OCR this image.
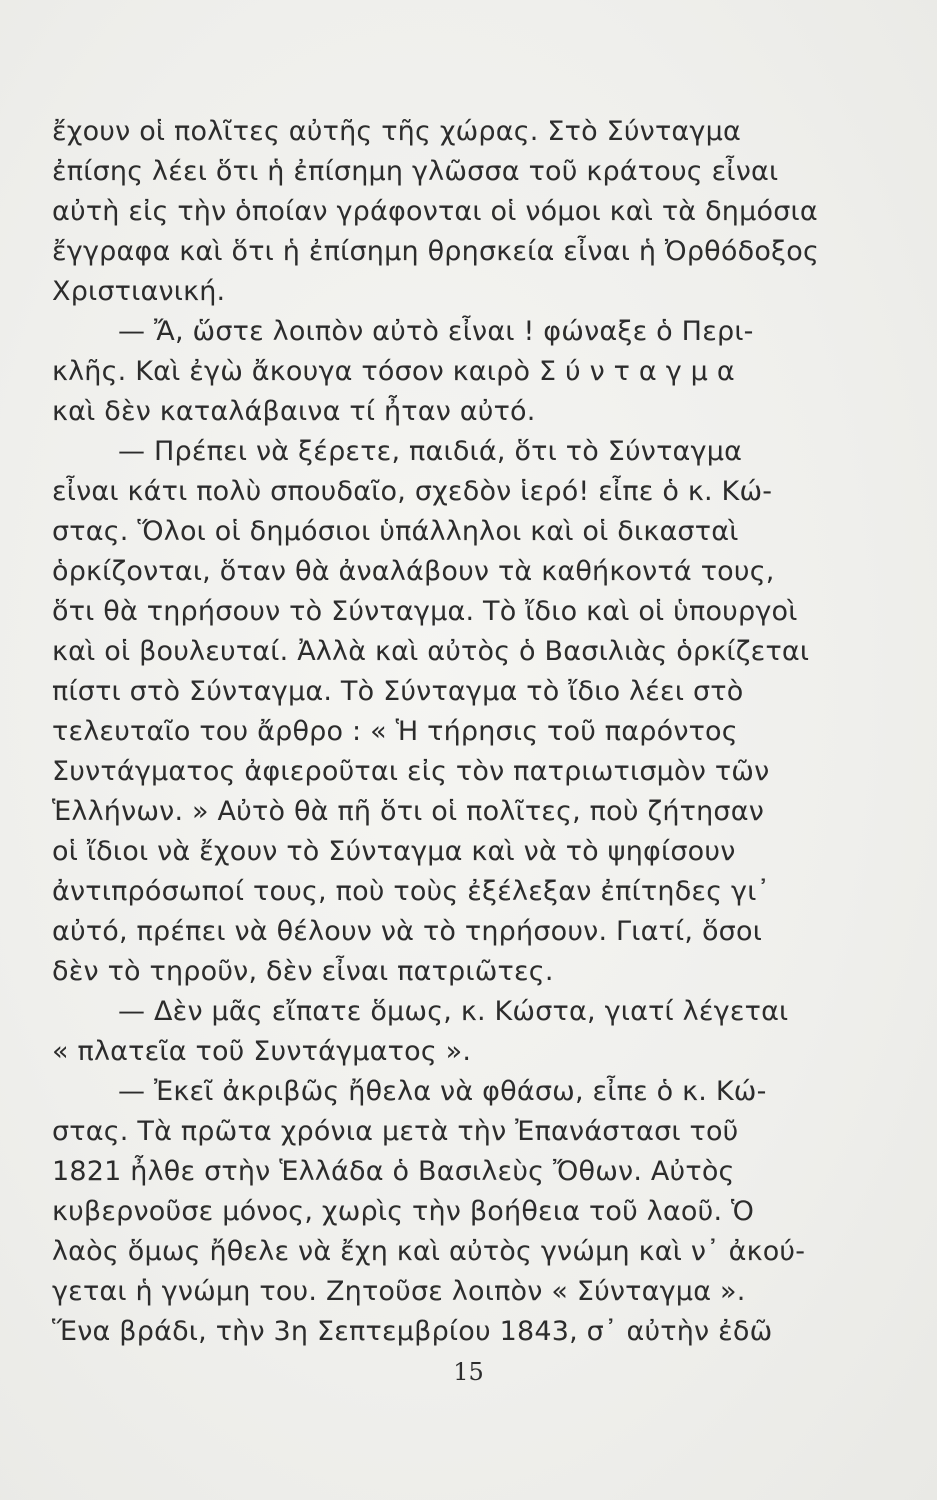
ἔχουν οἱ πολῖτες αὐτῆς τῆς χώρας. Στὸ Σύνταγμα
ἐπίσης λέει ὅτι ἡ ἐπίσημη γλῶσσα τοῦ κράτους εἶναι
αὐτὴ εἰς τὴν ὁποίαν γράφονται οἱ νόμοι καὶ τὰ δημόσια
ἔγγραφα καὶ ὅτι ἡ ἐπίσημη θρησκεία εἶναι ἡ Ὀρθόδοξος
Χριστιανική.
— Ἄ, ὥστε λοιπὸν αὐτὸ εἶναι ! φώναξε ὁ Περι-
κλῆς. Καὶ ἐγὼ ἄκουγα τόσον καιρὸ Σ ύ ν τ α γ μ α
καὶ δὲν καταλάβαινα τί ἦταν αὐτό.
— Πρέπει νὰ ξέρετε, παιδιά, ὅτι τὸ Σύνταγμα
εἶναι κάτι πολὺ σπουδαῖο, σχεδὸν ἱερό! εἶπε ὁ κ. Κώ-
στας. Ὅλοι οἱ δημόσιοι ὑπάλληλοι καὶ οἱ δικασταὶ
ὁρκίζονται, ὅταν θὰ ἀναλάβουν τὰ καθήκοντά τους,
ὅτι θὰ τηρήσουν τὸ Σύνταγμα. Τὸ ἴδιο καὶ οἱ ὑπουργοὶ
καὶ οἱ βουλευταί. Ἀλλὰ καὶ αὐτὸς ὁ Βασιλιὰς ὁρκίζεται
πίστι στὸ Σύνταγμα. Τὸ Σύνταγμα τὸ ἴδιο λέει στὸ
τελευταῖο του ἄρθρο : « Ἡ τήρησις τοῦ παρόντος
Συντάγματος ἀφιεροῦται εἰς τὸν πατριωτισμὸν τῶν
Ἑλλήνων. » Αὐτὸ θὰ πῆ ὅτι οἱ πολῖτες, ποὺ ζήτησαν
οἱ ἴδιοι νὰ ἔχουν τὸ Σύνταγμα καὶ νὰ τὸ ψηφίσουν
ἀντιπρόσωποί τους, ποὺ τοὺς ἐξέλεξαν ἐπίτηδες γι᾿
αὐτό, πρέπει νὰ θέλουν νὰ τὸ τηρήσουν. Γιατί, ὅσοι
δὲν τὸ τηροῦν, δὲν εἶναι πατριῶτες.
— Δὲν μᾶς εἴπατε ὅμως, κ. Κώστα, γιατί λέγεται
« πλατεῖα τοῦ Συντάγματος ».
— Ἐκεῖ ἀκριβῶς ἤθελα νὰ φθάσω, εἶπε ὁ κ. Κώ-
στας. Τὰ πρῶτα χρόνια μετὰ τὴν Ἐπανάστασι τοῦ
1821 ἦλθε στὴν Ἑλλάδα ὁ Βασιλεὺς Ὄθων. Αὐτὸς
κυβερνοῦσε μόνος, χωρὶς τὴν βοήθεια τοῦ λαοῦ. Ὁ
λαὸς ὅμως ἤθελε νὰ ἔχη καὶ αὐτὸς γνώμη καὶ ν᾿ ἀκού-
γεται ἡ γνώμη του. Ζητοῦσε λοιπὸν « Σύνταγμα ».
Ἕνα βράδι, τὴν 3η Σεπτεμβρίου 1843, σ᾿ αὐτὴν ἐδῶ
15
